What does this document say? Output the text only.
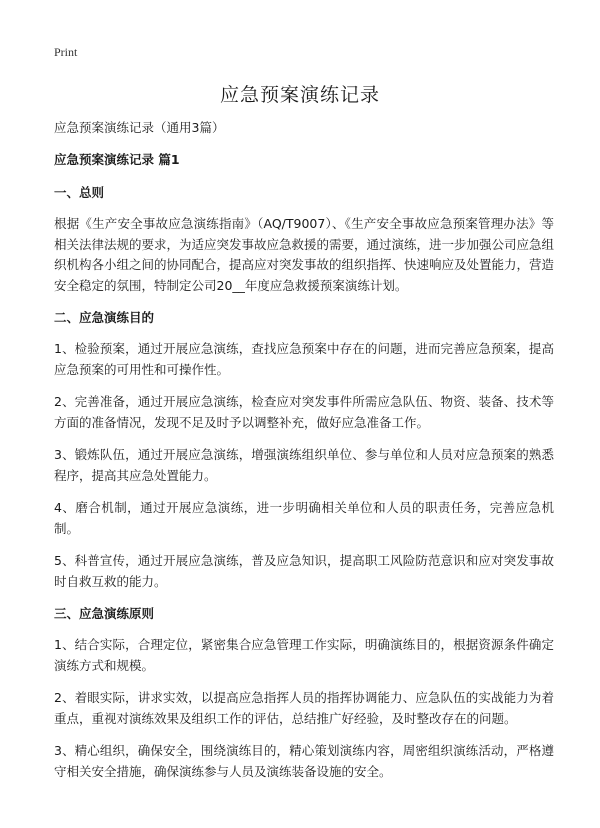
Print
应急预案演练记录
应急预案演练记录（通用3篇）
应急预案演练记录 篇1
一、总则
根据《生产安全事故应急演练指南》（AQ/T9007）、《生产安全事故应急预案管理办法》等相关法律法规的要求，为适应突发事故应急救援的需要，通过演练，进一步加强公司应急组织机构各小组之间的协同配合，提高应对突发事故的组织指挥、快速响应及处置能力，营造安全稳定的氛围，特制定公司20__年度应急救援预案演练计划。
二、应急演练目的
1、检验预案，通过开展应急演练，查找应急预案中存在的问题，进而完善应急预案，提高应急预案的可用性和可操作性。
2、完善准备，通过开展应急演练，检查应对突发事件所需应急队伍、物资、装备、技术等方面的准备情况，发现不足及时予以调整补充，做好应急准备工作。
3、锻炼队伍，通过开展应急演练，增强演练组织单位、参与单位和人员对应急预案的熟悉程序，提高其应急处置能力。
4、磨合机制，通过开展应急演练，进一步明确相关单位和人员的职责任务，完善应急机制。
5、科普宣传，通过开展应急演练，普及应急知识，提高职工风险防范意识和应对突发事故时自救互救的能力。
三、应急演练原则
1、结合实际，合理定位，紧密集合应急管理工作实际，明确演练目的，根据资源条件确定演练方式和规模。
2、着眼实际，讲求实效，以提高应急指挥人员的指挥协调能力、应急队伍的实战能力为着重点，重视对演练效果及组织工作的评估，总结推广好经验，及时整改存在的问题。
3、精心组织，确保安全，围绕演练目的，精心策划演练内容，周密组织演练活动，严格遵守相关安全措施，确保演练参与人员及演练装备设施的安全。
